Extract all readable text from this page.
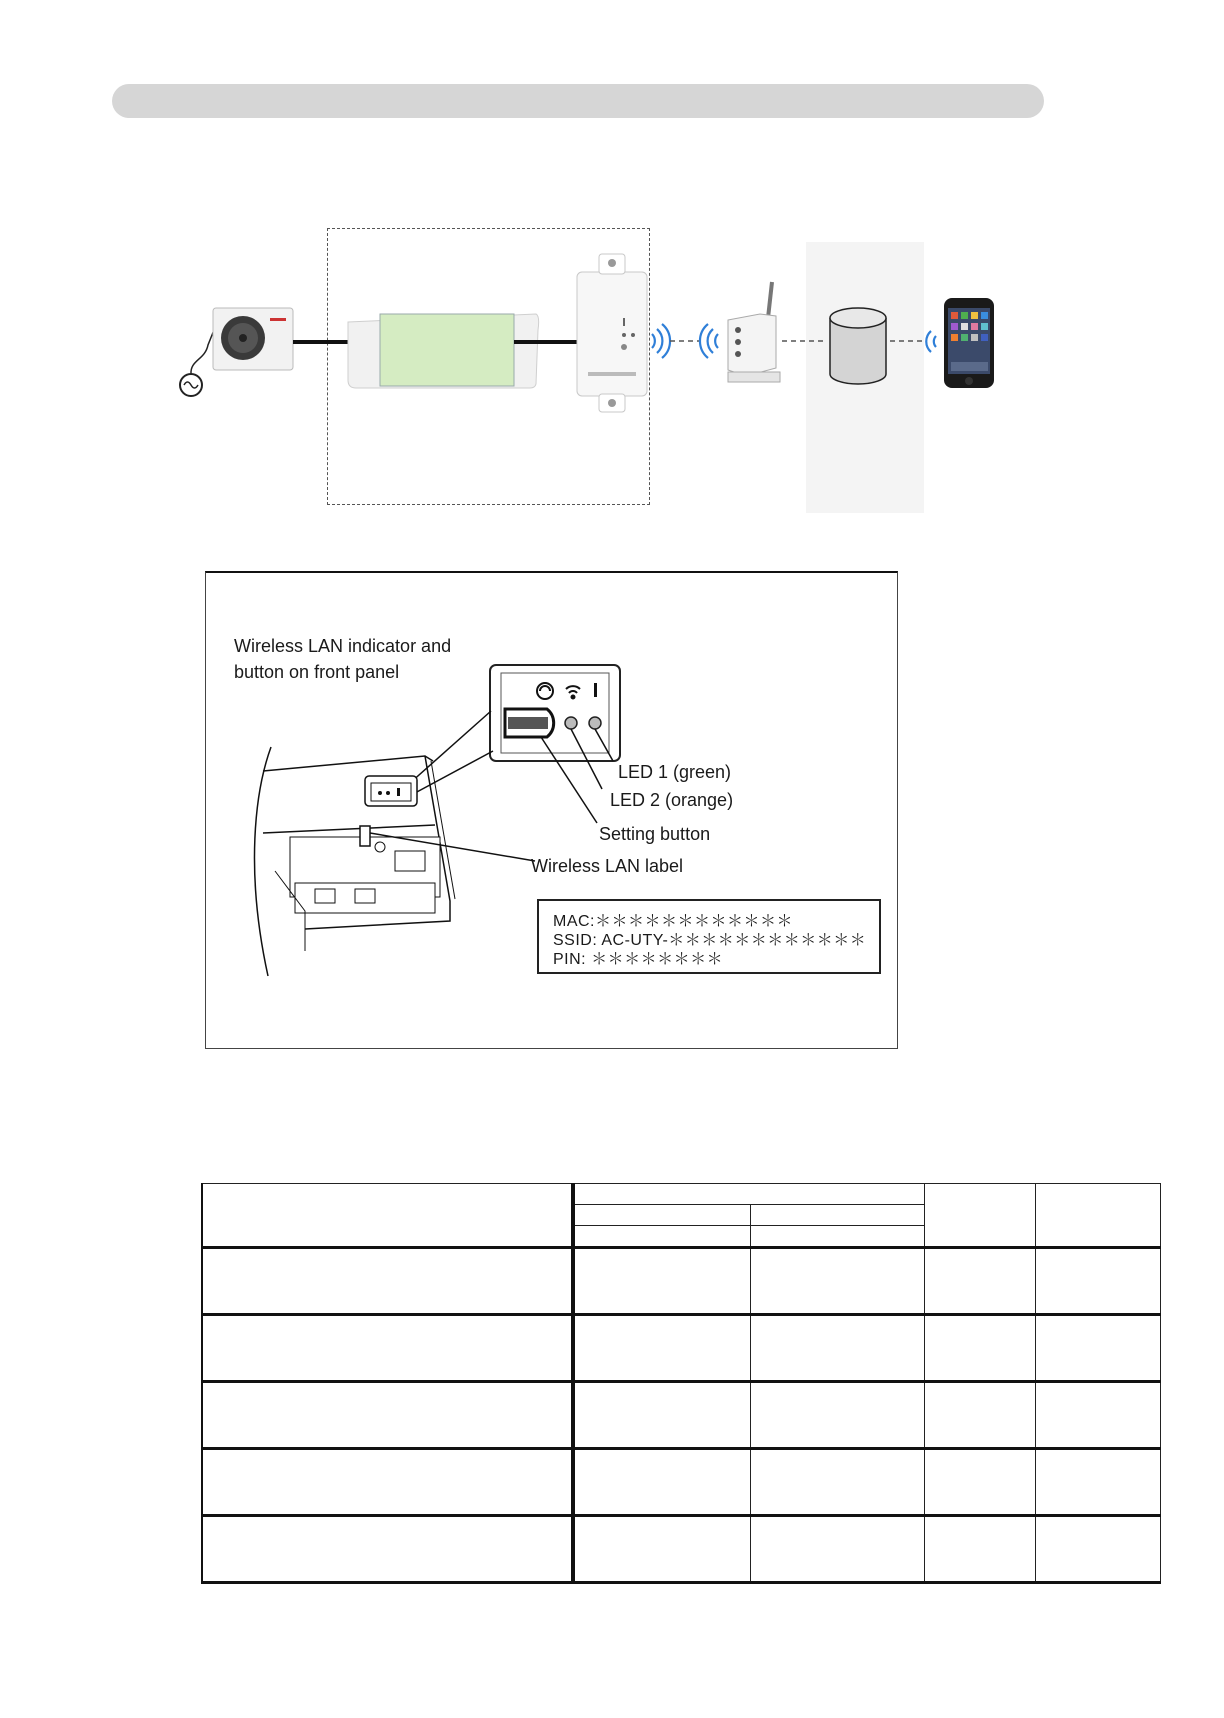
Wireless LAN indicator and
button on front panel
LED 1 (green)
LED 2 (orange)
Setting button
Wireless LAN label
MAC:＊＊＊＊＊＊＊＊＊＊＊＊
SSID: AC-UTY-＊＊＊＊＊＊＊＊＊＊＊＊
PIN: ＊＊＊＊＊＊＊＊
